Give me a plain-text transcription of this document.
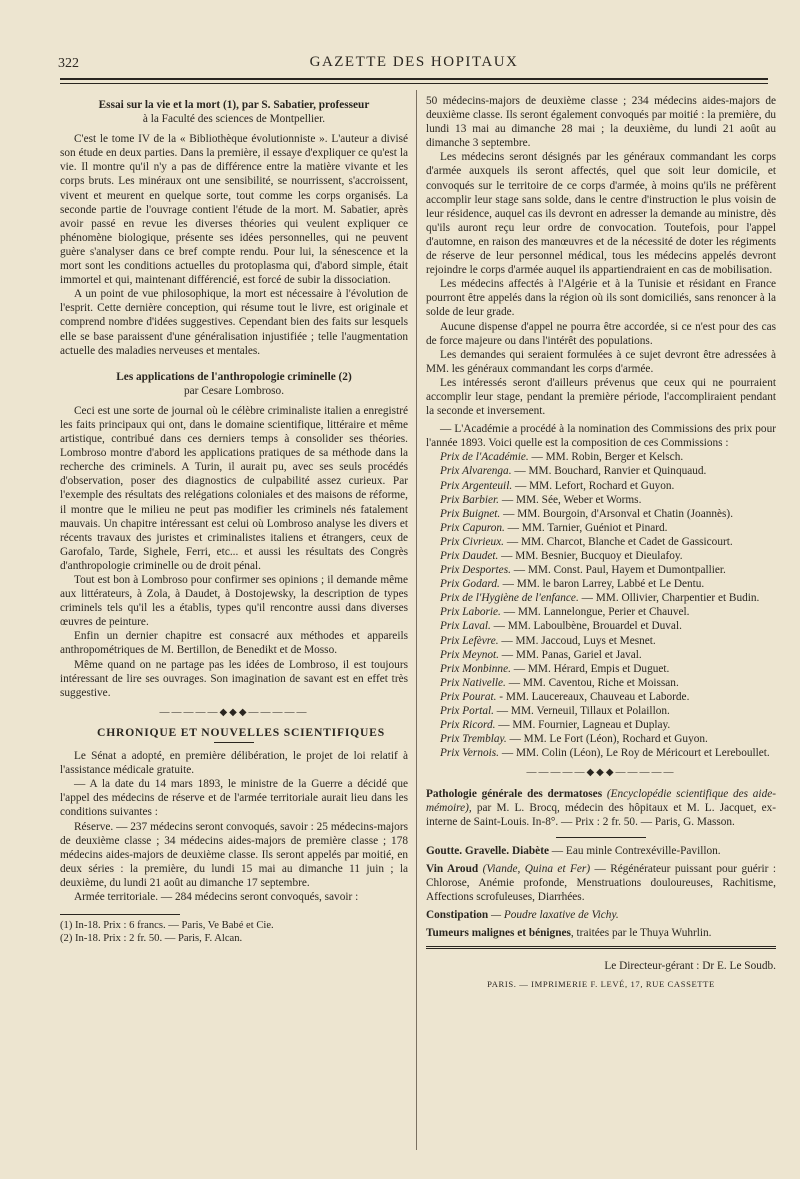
322	GAZETTE DES HOPITAUX

Essai sur la vie et la mort (1), par S. Sabatier, professeur

à la Faculté des sciences de Montpellier.

C'est le tome IV de la « Bibliothèque évolutionniste ». L'auteur a divisé son étude en deux parties. Dans la première, il essaye d'expliquer ce qu'est la vie. Il montre qu'il n'y a pas de différence entre la matière vivante et les corps bruts. Les minéraux ont une sensibilité, se nourrissent, s'accroissent, vivent et meurent en quelque sorte, tout comme les corps organisés. La seconde partie de l'ouvrage contient l'étude de la mort. M. Sabatier, après avoir passé en revue les diverses théories qui veulent expliquer ce phénomène biologique, présente ses idées personnelles, qui ne peuvent guère s'analyser dans ce bref compte rendu. Pour lui, la sénescence et la mort sont les conditions actuelles du protoplasma qui, d'abord simple, était immortel et qui, maintenant différencié, est forcé de subir la dissociation.

A un point de vue philosophique, la mort est nécessaire à l'évolution de l'esprit. Cette dernière conception, qui résume tout le livre, est originale et comprend nombre d'idées suggestives. Cependant bien des faits sur lesquels elle se base paraissent d'une généralisation injustifiée ; telle l'augmentation actuelle des maladies nerveuses et mentales.

Les applications de l'anthropologie criminelle (2)

par Cesare Lombroso.

Ceci est une sorte de journal où le célèbre criminaliste italien a enregistré les faits principaux qui ont, dans le domaine scientifique, littéraire et même artistique, contribué dans ces derniers temps à consolider ses théories. Lombroso montre d'abord les applications pratiques de sa méthode dans la recherche des criminels. A Turin, il aurait pu, avec ses seuls procédés d'observation, poser des diagnostics de culpabilité assez curieux. Par l'exemple des résultats des relégations coloniales et des maisons de réforme, il montre que le milieu ne peut pas modifier les criminels nés fatalement mauvais. Un chapitre intéressant est celui où Lombroso analyse les divers et récents travaux des juristes et criminalistes italiens et étrangers, ceux de Garofalo, Tarde, Sighele, Ferri, etc... et aussi les résultats des Congrès d'anthropologie criminelle ou de droit pénal.

Tout est bon à Lombroso pour confirmer ses opinions ; il demande même aux littérateurs, à Zola, à Daudet, à Dostojewsky, la description de types criminels tels qu'il les a établis, types qu'il rencontre aussi dans diverses œuvres de peinture.

Enfin un dernier chapitre est consacré aux méthodes et appareils anthropométriques de M. Bertillon, de Benedikt et de Mosso.

Même quand on ne partage pas les idées de Lombroso, il est toujours intéressant de lire ses ouvrages. Son imagination de savant est en effet très suggestive.

—————◆◆◆—————

CHRONIQUE ET NOUVELLES SCIENTIFIQUES

Le Sénat a adopté, en première délibération, le projet de loi relatif à l'assistance médicale gratuite.

— A la date du 14 mars 1893, le ministre de la Guerre a décidé que l'appel des médecins de réserve et de l'armée territoriale aurait lieu dans les conditions suivantes :

Réserve. — 237 médecins seront convoqués, savoir : 25 médecins-majors de deuxième classe ; 34 médecins aides-majors de première classe ; 178 médecins aides-majors de deuxième classe. Ils seront appelés par moitié, en deux séries : la première, du lundi 15 mai au dimanche 11 juin ; la deuxième, du lundi 21 août au dimanche 17 septembre.

Armée territoriale. — 284 médecins seront convoqués, savoir :

(1) In-18. Prix : 6 francs. — Paris, Ve Babé et Cie.

(2) In-18. Prix : 2 fr. 50. — Paris, F. Alcan.

50 médecins-majors de deuxième classe ; 234 médecins aides-majors de deuxième classe. Ils seront également convoqués par moitié : la première, du lundi 13 mai au dimanche 28 mai ; la deuxième, du lundi 21 août au dimanche 3 septembre.

Les médecins seront désignés par les généraux commandant les corps d'armée auxquels ils seront affectés, quel que soit leur domicile, et convoqués sur le territoire de ce corps d'armée, à moins qu'ils ne préfèrent accomplir leur stage sans solde, dans le centre d'instruction le plus voisin de leur résidence, auquel cas ils devront en adresser la demande au ministre, dès qu'ils auront reçu leur ordre de convocation. Toutefois, pour l'appel d'automne, en raison des manœuvres et de la nécessité de doter les régiments de réserve de leur personnel médical, tous les médecins appelés devront rejoindre le corps d'armée auquel ils appartiendraient en cas de mobilisation.

Les médecins affectés à l'Algérie et à la Tunisie et résidant en France pourront être appelés dans la région où ils sont domiciliés, sans renoncer à la solde de leur grade.

Aucune dispense d'appel ne pourra être accordée, si ce n'est pour des cas de force majeure ou dans l'intérêt des populations.

Les demandes qui seraient formulées à ce sujet devront être adressées à MM. les généraux commandant les corps d'armée.

Les intéressés seront d'ailleurs prévenus que ceux qui ne pourraient accomplir leur stage, pendant la première période, l'accompliraient pendant la seconde et inversement.

— L'Académie a procédé à la nomination des Commissions des prix pour l'année 1893. Voici quelle est la composition de ces Commissions :

Prix de l'Académie. — MM. Robin, Berger et Kelsch.

Prix Alvarenga. — MM. Bouchard, Ranvier et Quinquaud.

Prix Argenteuil. — MM. Lefort, Rochard et Guyon.

Prix Barbier. — MM. Sée, Weber et Worms.

Prix Buignet. — MM. Bourgoin, d'Arsonval et Chatin (Joannès).

Prix Capuron. — MM. Tarnier, Guéniot et Pinard.

Prix Civrieux. — MM. Charcot, Blanche et Cadet de Gassicourt.

Prix Daudet. — MM. Besnier, Bucquoy et Dieulafoy.

Prix Desportes. — MM. Const. Paul, Hayem et Dumontpallier.

Prix Godard. — MM. le baron Larrey, Labbé et Le Dentu.

Prix de l'Hygiène de l'enfance. — MM. Ollivier, Charpentier et Budin.

Prix Laborie. — MM. Lannelongue, Perier et Chauvel.

Prix Laval. — MM. Laboulbène, Brouardel et Duval.

Prix Lefèvre. — MM. Jaccoud, Luys et Mesnet.

Prix Meynot. — MM. Panas, Gariel et Javal.

Prix Monbinne. — MM. Hérard, Empis et Duguet.

Prix Nativelle. — MM. Caventou, Riche et Moissan.

Prix Pourat. - MM. Laucereaux, Chauveau et Laborde.

Prix Portal. — MM. Verneuil, Tillaux et Polaillon.

Prix Ricord. — MM. Fournier, Lagneau et Duplay.

Prix Tremblay. — MM. Le Fort (Léon), Rochard et Guyon.

Prix Vernois. — MM. Colin (Léon), Le Roy de Méricourt et Lereboullet.

—————◆◆◆—————

Pathologie générale des dermatoses (Encyclopédie scientifique des aide-mémoire), par M. L. Brocq, médecin des hôpitaux et M. L. Jacquet, ex-interne de Saint-Louis. In-8°. — Prix : 2 fr. 50. — Paris, G. Masson.

Goutte. Gravelle. Diabète — Eau minle Contrexéville-Pavillon.

Vin Aroud (Viande, Quina et Fer) — Régénérateur puissant pour guérir : Chlorose, Anémie profonde, Menstruations douloureuses, Rachitisme, Affections scrofuleuses, Diarrhées.

Constipation — Poudre laxative de Vichy.

Tumeurs malignes et bénignes, traitées par le Thuya Wuhrlin.

Le Directeur-gérant : Dr E. Le Soudb.

PARIS. — IMPRIMERIE F. LEVÉ, 17, RUE CASSETTE
